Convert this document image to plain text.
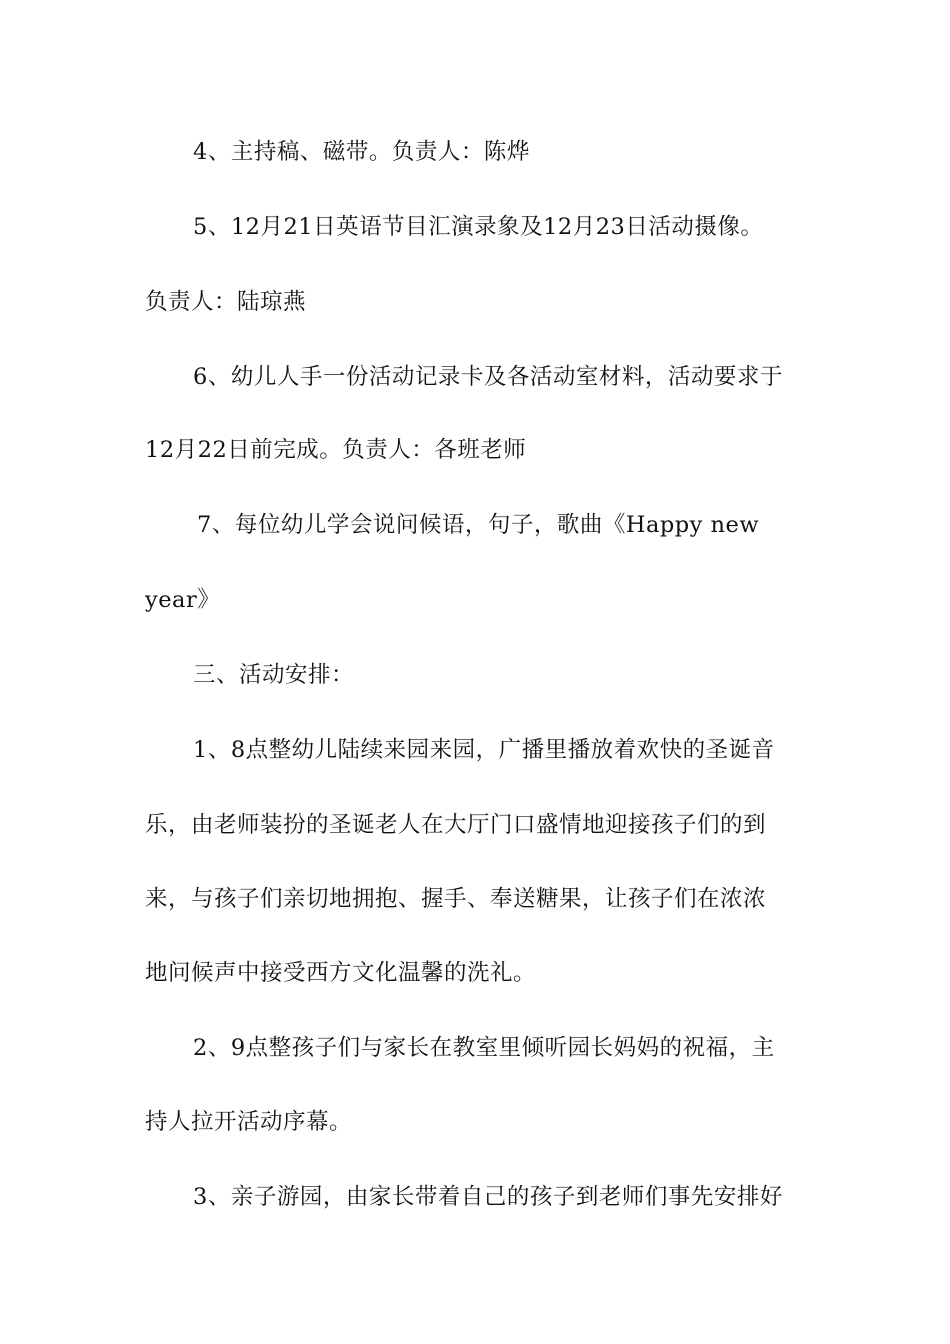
4、主持稿、磁带。负责人：陈烨
5、12月21日英语节目汇演录象及12月23日活动摄像。
负责人：陆琼燕
6、幼儿人手一份活动记录卡及各活动室材料，活动要求于
12月22日前完成。负责人：各班老师
7、每位幼儿学会说问候语，句子，歌曲《Happy new
year》
三、活动安排：
1、8点整幼儿陆续来园来园，广播里播放着欢快的圣诞音
乐，由老师装扮的圣诞老人在大厅门口盛情地迎接孩子们的到
来，与孩子们亲切地拥抱、握手、奉送糖果，让孩子们在浓浓
地问候声中接受西方文化温馨的洗礼。
2、9点整孩子们与家长在教室里倾听园长妈妈的祝福，主
持人拉开活动序幕。
3、亲子游园，由家长带着自己的孩子到老师们事先安排好
